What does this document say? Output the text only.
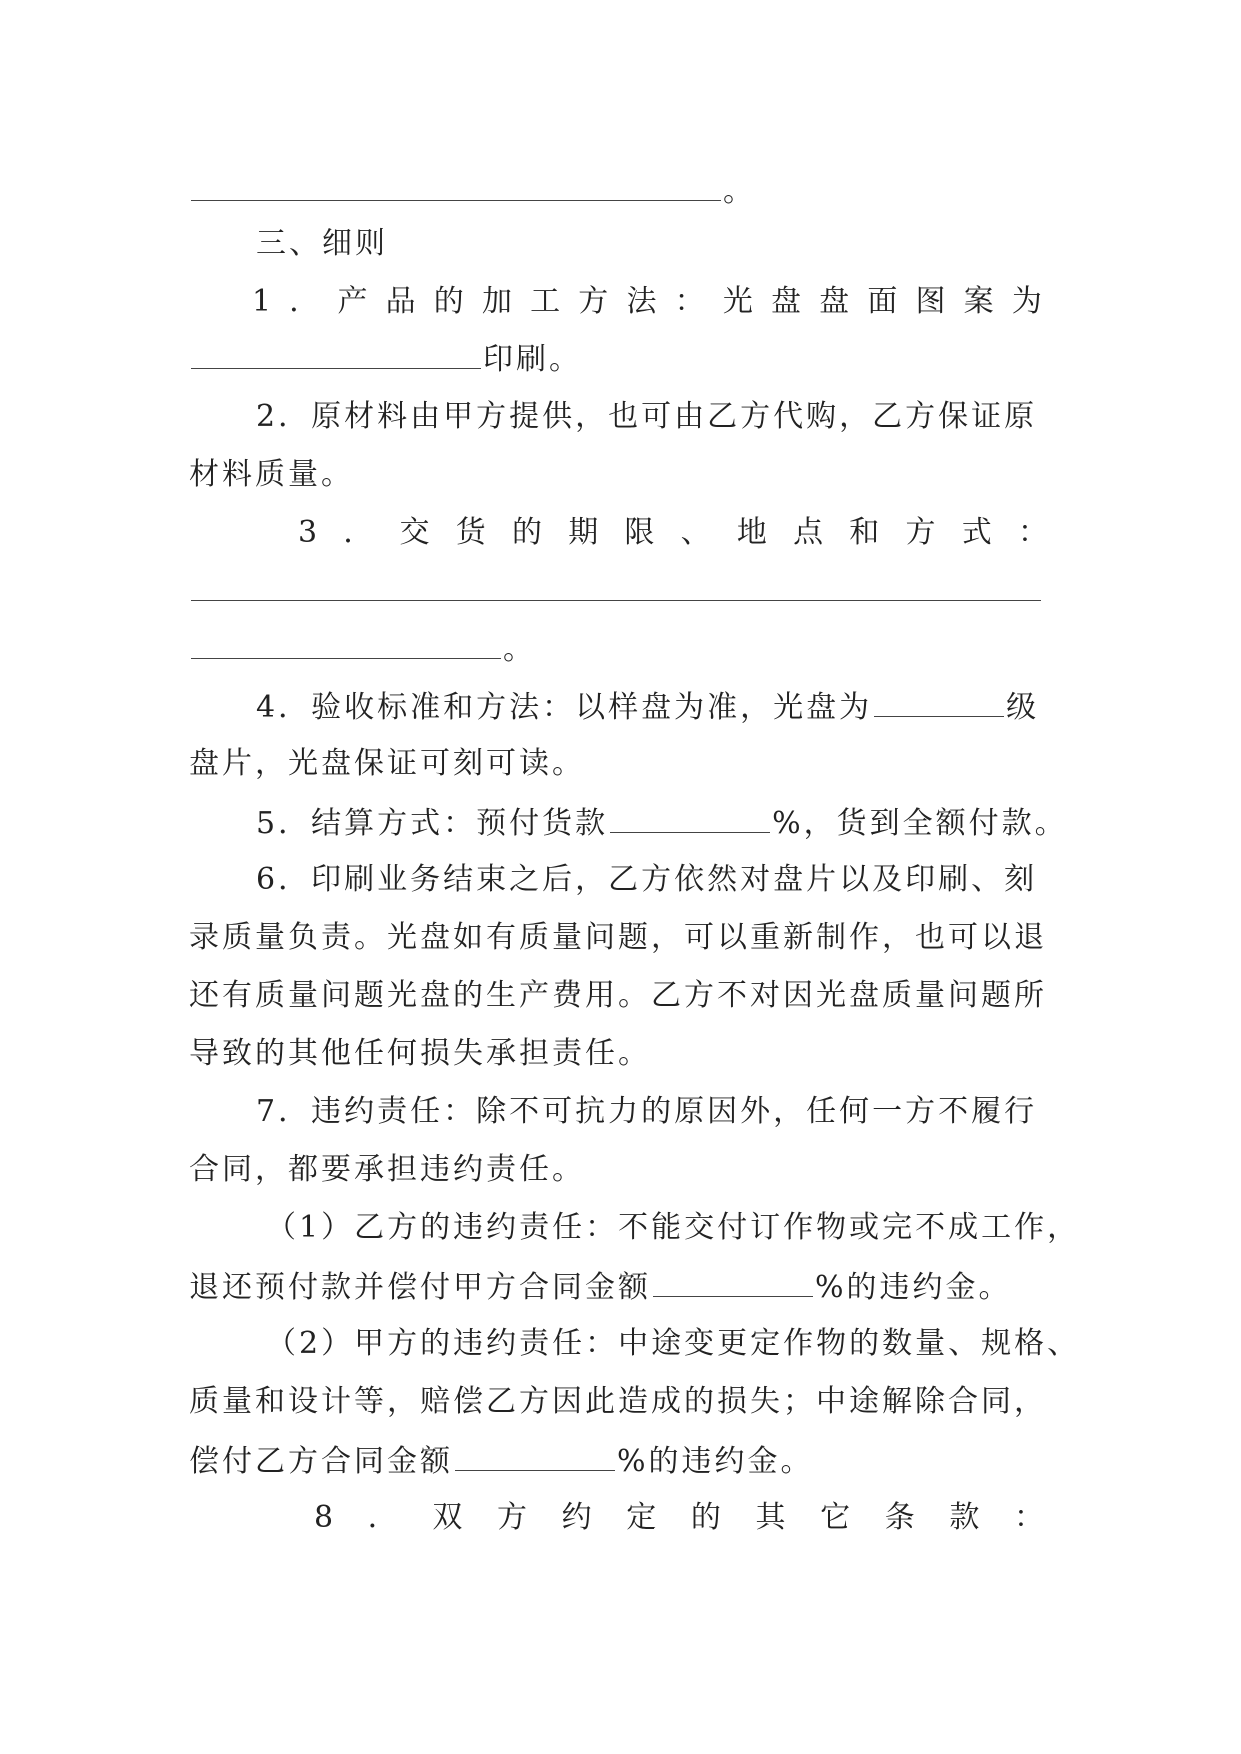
。
三、细则
1 ． 产 品 的 加 工 方 法 ： 光 盘 盘 面 图 案 为
印刷。
2．原材料由甲方提供，也可由乙方代购，乙方保证原
材料质量。
3 ． 交 货 的 期 限 、 地 点 和 方 式 ：
。
4．验收标准和方法：以样盘为准，光盘为	级
盘片，光盘保证可刻可读。
5．结算方式：预付货款	%，货到全额付款。
6．印刷业务结束之后，乙方依然对盘片以及印刷、刻
录质量负责。光盘如有质量问题，可以重新制作，也可以退
还有质量问题光盘的生产费用。乙方不对因光盘质量问题所
导致的其他任何损失承担责任。
7．违约责任：除不可抗力的原因外，任何一方不履行
合同，都要承担违约责任。
（1）乙方的违约责任：不能交付订作物或完不成工作，
退还预付款并偿付甲方合同金额	%的违约金。
（2）甲方的违约责任：中途变更定作物的数量、规格、
质量和设计等，赔偿乙方因此造成的损失；中途解除合同，
偿付乙方合同金额	%的违约金。
8 ． 双 方 约 定 的 其 它 条 款 ：
